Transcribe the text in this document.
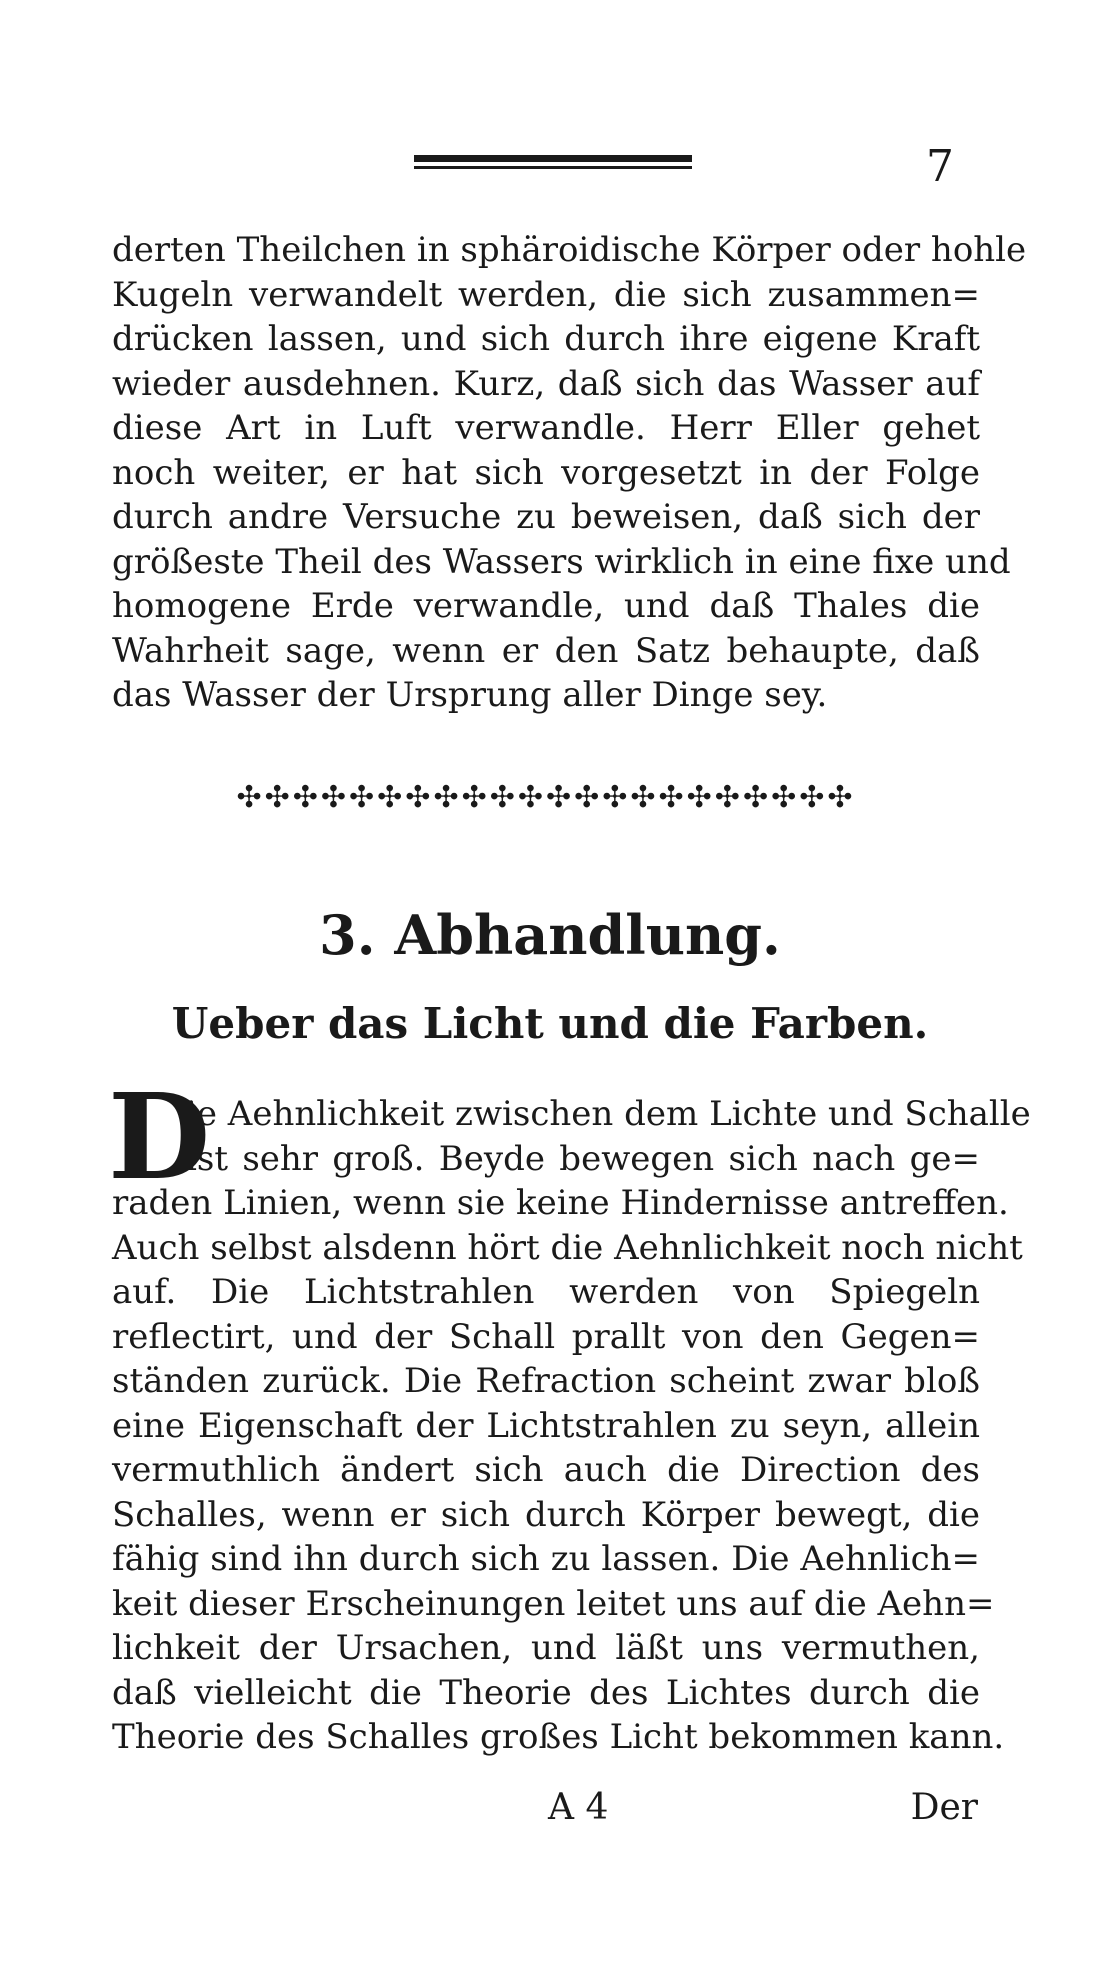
7
derten Theilchen in sphäroidische Körper oder hohle
Kugeln verwandelt werden, die sich zusammen=
drücken lassen, und sich durch ihre eigene Kraft
wieder ausdehnen. Kurz, daß sich das Wasser auf
diese Art in Luft verwandle. Herr Eller gehet
noch weiter, er hat sich vorgesetzt in der Folge
durch andre Versuche zu beweisen, daß sich der
größeste Theil des Wassers wirklich in eine fixe und
homogene Erde verwandle, und daß Thales die
Wahrheit sage, wenn er den Satz behaupte, daß
das Wasser der Ursprung aller Dinge sey.
✣✣✣✣✣✣✣✣✣✣✣✣✣✣✣✣✣✣✣✣✣✣
3. Abhandlung.
Ueber das Licht und die Farben.
D
ie Aehnlichkeit zwischen dem Lichte und Schalle
ist sehr groß. Beyde bewegen sich nach ge=
raden Linien, wenn sie keine Hindernisse antreffen.
Auch selbst alsdenn hört die Aehnlichkeit noch nicht
auf. Die Lichtstrahlen werden von Spiegeln
reflectirt, und der Schall prallt von den Gegen=
ständen zurück. Die Refraction scheint zwar bloß
eine Eigenschaft der Lichtstrahlen zu seyn, allein
vermuthlich ändert sich auch die Direction des
Schalles, wenn er sich durch Körper bewegt, die
fähig sind ihn durch sich zu lassen. Die Aehnlich=
keit dieser Erscheinungen leitet uns auf die Aehn=
lichkeit der Ursachen, und läßt uns vermuthen,
daß vielleicht die Theorie des Lichtes durch die
Theorie des Schalles großes Licht bekommen kann.
A 4	Der
